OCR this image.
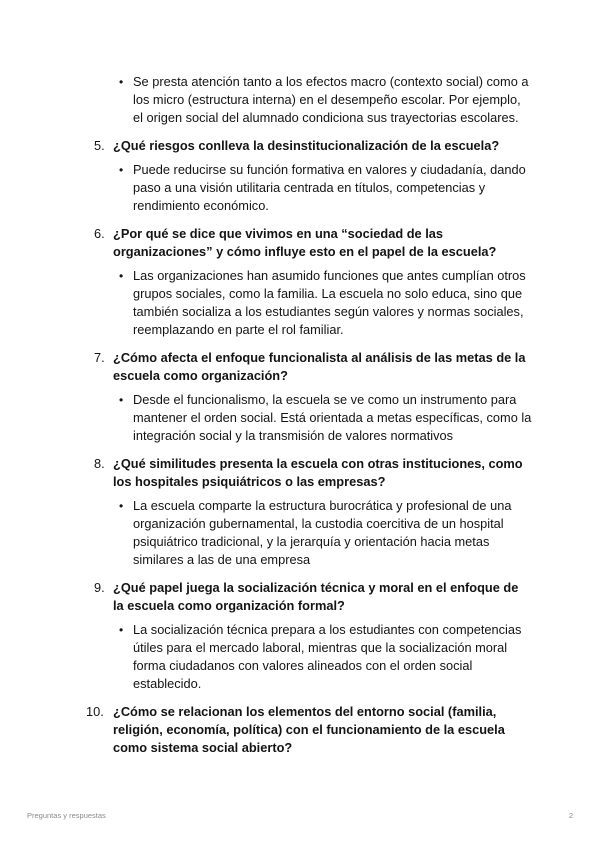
• Se presta atención tanto a los efectos macro (contexto social) como a los micro (estructura interna) en el desempeño escolar. Por ejemplo, el origen social del alumnado condiciona sus trayectorias escolares.

5. ¿Qué riesgos conlleva la desinstitucionalización de la escuela?
• Puede reducirse su función formativa en valores y ciudadanía, dando paso a una visión utilitaria centrada en títulos, competencias y rendimiento económico.

6. ¿Por qué se dice que vivimos en una “sociedad de las organizaciones” y cómo influye esto en el papel de la escuela?
• Las organizaciones han asumido funciones que antes cumplían otros grupos sociales, como la familia. La escuela no solo educa, sino que también socializa a los estudiantes según valores y normas sociales, reemplazando en parte el rol familiar.

7. ¿Cómo afecta el enfoque funcionalista al análisis de las metas de la escuela como organización?
• Desde el funcionalismo, la escuela se ve como un instrumento para mantener el orden social. Está orientada a metas específicas, como la integración social y la transmisión de valores normativos

8. ¿Qué similitudes presenta la escuela con otras instituciones, como los hospitales psiquiátricos o las empresas?
• La escuela comparte la estructura burocrática y profesional de una organización gubernamental, la custodia coercitiva de un hospital psiquiátrico tradicional, y la jerarquía y orientación hacia metas similares a las de una empresa

9. ¿Qué papel juega la socialización técnica y moral en el enfoque de la escuela como organización formal?
• La socialización técnica prepara a los estudiantes con competencias útiles para el mercado laboral, mientras que la socialización moral forma ciudadanos con valores alineados con el orden social establecido.

10. ¿Cómo se relacionan los elementos del entorno social (familia, religión, economía, política) con el funcionamiento de la escuela como sistema social abierto?
Preguntas y respuestas	2
